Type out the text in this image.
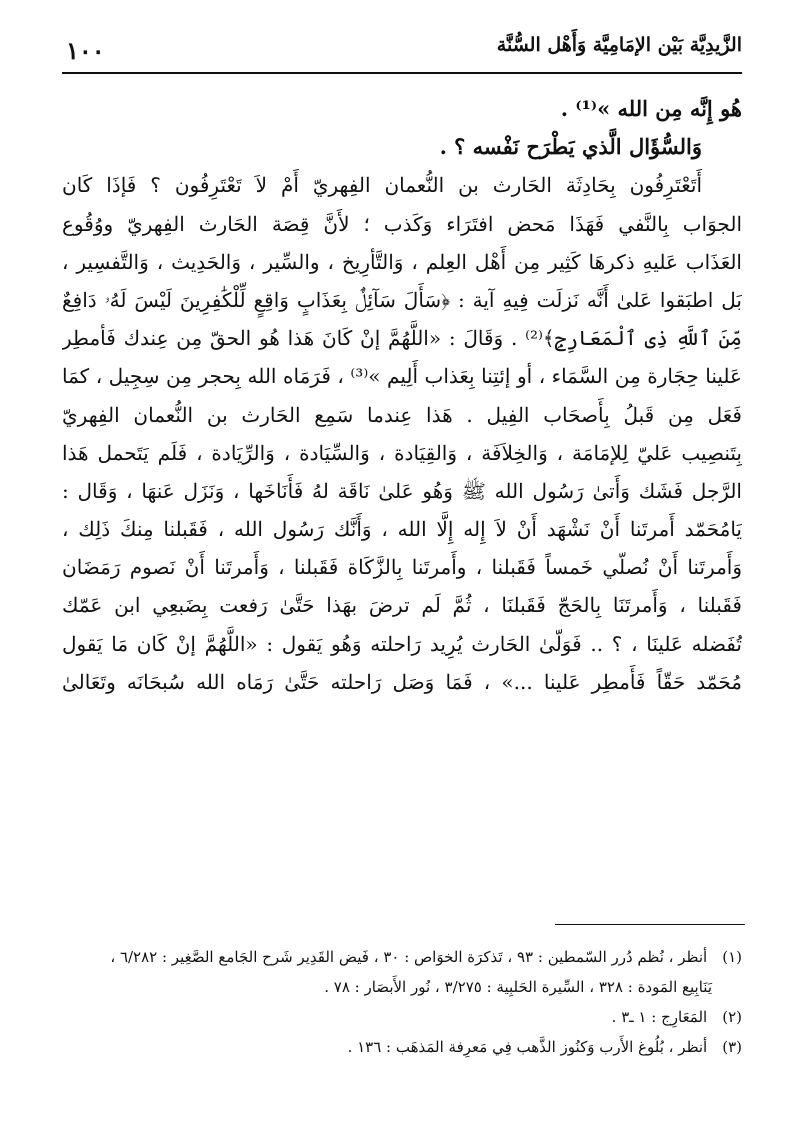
الزَّيدِيَّة بَيْن الإمَامِيَّة وَأَهْل السُّنَّة
١٠٠
هُو إِنَّه مِن الله »⁽¹⁾ .
وَالسُّؤَال الَّذي يَطْرَح نَفْسه ؟ .
أَتَعْتَرِفُون بِحَادِثَة الحَارث بن النُّعمان الفِهريّ أَمْ لاَ تَعْتَرِفُون ؟ فَإذَا كَان
الجوَاب بِالنَّفي فَهَذَا مَحض افتَرَاء وَكَذب ؛ لأَنَّ قِصَة الحَارث الفِهريّ ووُقُوع
العَذَاب عَليهِ ذكرهَا كَثِير مِن أَهْل العِلم ، وَالتَّأرِيخ ، والسِّير ، وَالحَدِيث ، وَالتَّفسِير ،
بَل اطبَقوا عَلىٰ أَنَّه نَزلَت فِيهِ آية : ﴿سَأَلَ سَآئِلٌۢ بِعَذَابٍ وَاقِعٍ لِّلْكَٰفِرِينَ لَيْسَ لَهُۥ دَافِعٌ
مِّنَ ٱللَّهِ ذِى ٱلْمَعَارِجِ﴾⁽²⁾ . وَقَالَ : «اللَّهُمَّ إنْ كَانَ هَذا هُو الحقّ مِن عِندك فَأمطِر
عَلينا حِجَارة مِن السَّمَاء ، أو إئتِنا بِعَذاب أَلِيم »⁽³⁾ ، فَرَمَاه الله بِحجر مِن سِجِيل ، كمَا
فَعَل مِن قَبلُ بِأَصحَاب الفِيل . هَذا عِندما سَمِع الحَارث بن النُّعمان الفِهريّ
بِتَنصِيب عَليّ لِلإمَامَة ، وَالخِلاَفَة ، وَالقِيَادة ، وَالسِّيَادة ، وَالرِّيَادة ، فَلَم يَتَحمل هَذا
الرَّجل فَشَك وَأَتىٰ رَسُول الله ﷺ وَهُو عَلىٰ نَاقَة لهُ فَأَنَاخَها ، وَنَزَل عَنهَا ، وَقَال :
يَامُحَمّد أَمرتَنا أَنْ نَشْهَد أَنْ لاَ إِله إِلَّا الله ، وَأَنَّك رَسُول الله ، فَقَبلنا مِنكَ ذَلِك ،
وَأَمرتَنا أَنْ نُصلّي خَمساً فَقَبلنا ، وأَمرتَنا بِالزَّكَاة فَقَبلنا ، وَأَمرتَنا أَنْ نَصوم رَمَضَان
فَقَبلنا ، وَأَمرتَنَا بِالحَجّ فَقَبلنَا ، ثُمَّ لَم ترضَ بهَذا حَتَّىٰ رَفعت بِضَبعِي ابن عَمّك
تُفَضله عَلينَا ، ؟ .. فَوَلّىٰ الحَارث يُرِيد رَاحلته وَهُو يَقول : «اللَّهُمَّ إنْ كَان مَا يَقول
مُحَمّد حَقّاً فَأَمطِر عَلينا ...» ، فَمَا وَصَل رَاحلته حَتَّىٰ رَمَاه الله سُبحَانَه وتَعَالىٰ
(١) أنظر ، نُظم دُرر السّمطين : ٩٣ ، تَذكرَة الخوَاص : ٣٠ ، فَيض القَدِير شَرح الجَامع الصَّغِير : ٦/٢٨٢ ،
يَنَابِيع المَودة : ٣٢٨ ، السِّيرة الحَلبِية : ٣/٢٧٥ ، نُور الأَبصَار : ٧٨ .
(٢) المَعَارِج : ١ ـ٣ .
(٣) أنظر ، بُلُوغ الأَرب وَكنُوز الذَّهب فِي مَعرِفة المَذهَب : ١٣٦ .
